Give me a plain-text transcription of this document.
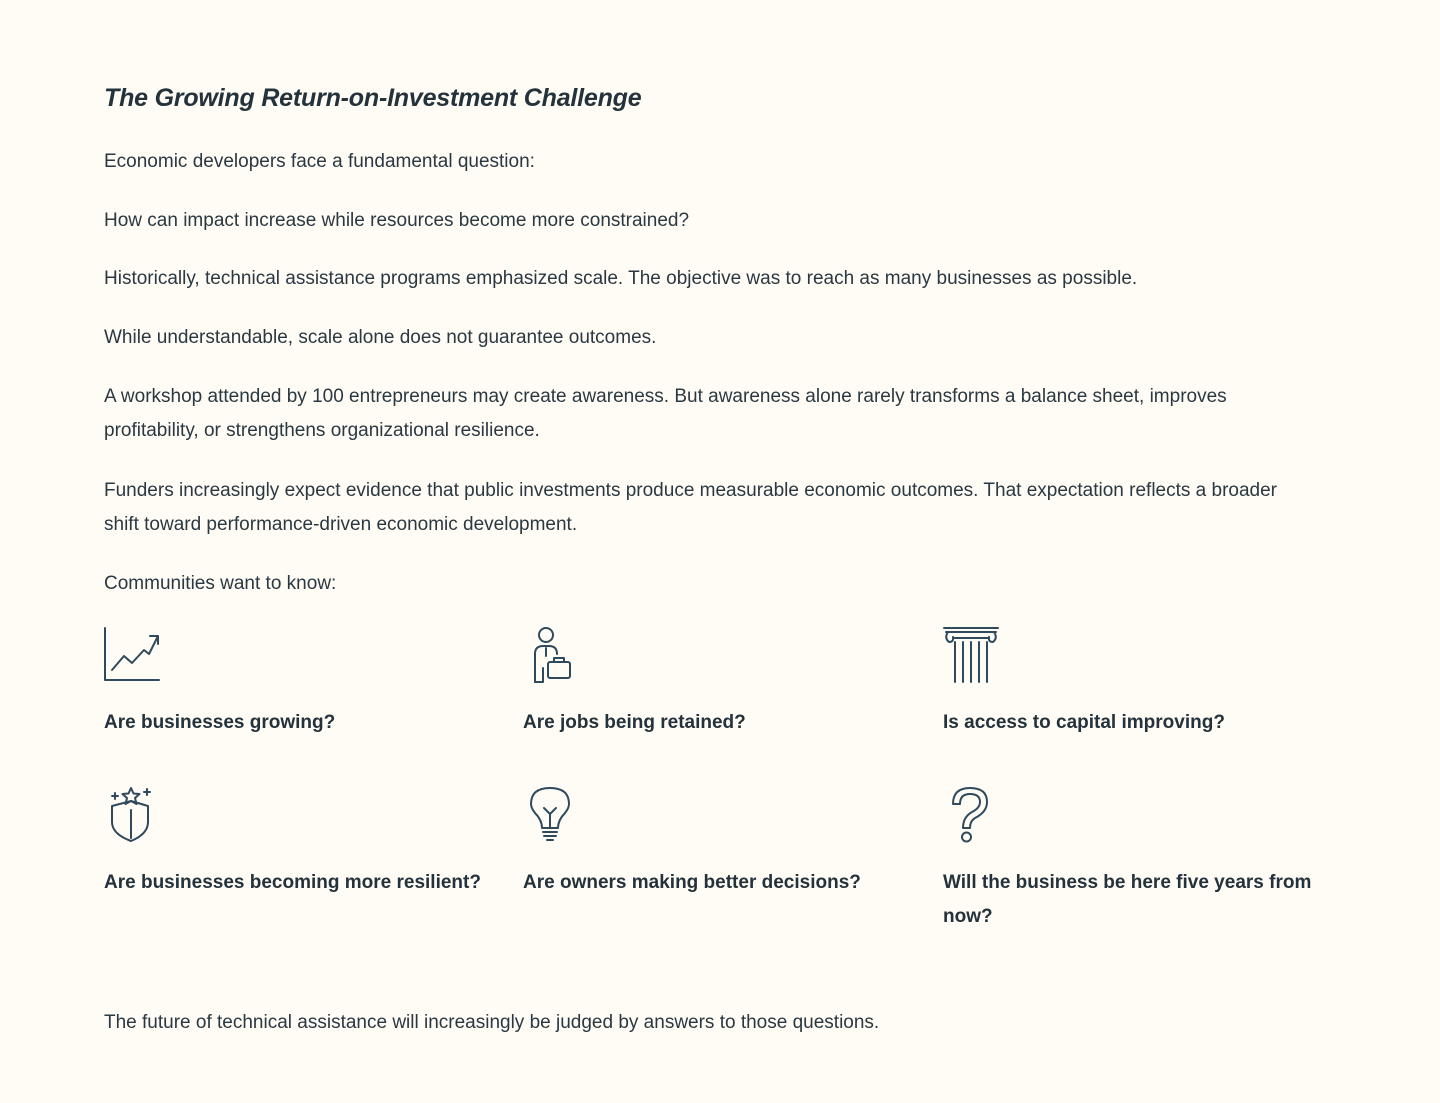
The Growing Return-on-Investment Challenge

Economic developers face a fundamental question:

How can impact increase while resources become more constrained?

Historically, technical assistance programs emphasized scale. The objective was to reach as many businesses as possible.

While understandable, scale alone does not guarantee outcomes.

A workshop attended by 100 entrepreneurs may create awareness. But awareness alone rarely transforms a balance sheet, improves profitability, or strengthens organizational resilience.

Funders increasingly expect evidence that public investments produce measurable economic outcomes. That expectation reflects a broader shift toward performance-driven economic development.

Communities want to know:

Are businesses growing?	Are jobs being retained?	Is access to capital improving?

Are businesses becoming more resilient?	Are owners making better decisions?	Will the business be here five years from now?

The future of technical assistance will increasingly be judged by answers to those questions.
